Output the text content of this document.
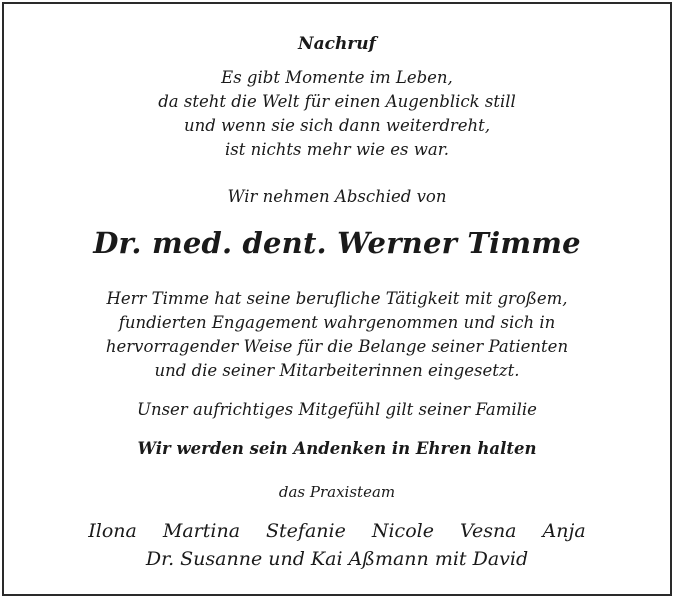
Nachruf
Es gibt Momente im Leben,
da steht die Welt für einen Augenblick still
und wenn sie sich dann weiterdreht,
ist nichts mehr wie es war.
Wir nehmen Abschied von
Dr. med. dent. Werner Timme
Herr Timme hat seine berufliche Tätigkeit mit großem,
fundierten Engagement wahrgenommen und sich in
hervorragender Weise für die Belange seiner Patienten
und die seiner Mitarbeiterinnen eingesetzt.
Unser aufrichtiges Mitgefühl gilt seiner Familie
Wir werden sein Andenken in Ehren halten
das Praxisteam
Ilona Martina Stefanie Nicole Vesna Anja
Dr. Susanne und Kai Aßmann mit David
